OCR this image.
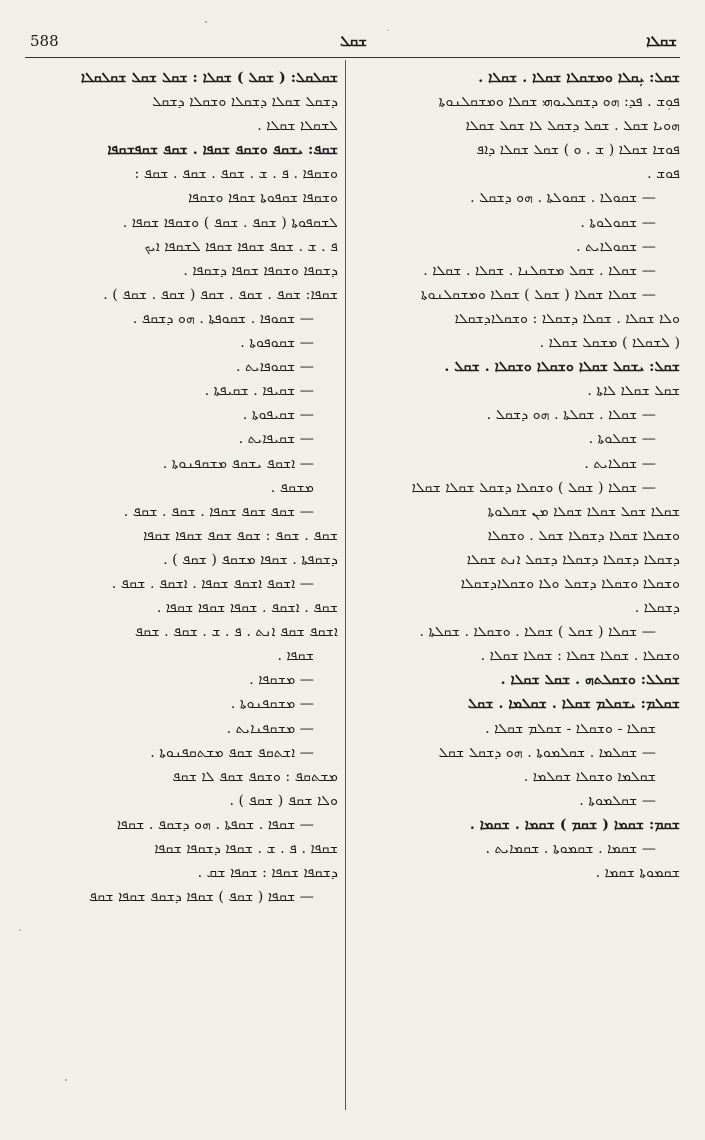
588	ܫܩܠ	ܫܩܠܐ
ܫܩܠ: ܝܼܩܠܐ ܘܡܫܩܠܐ ܫܩܠܐ . ܫܩܠܐ .
ܦܘܼܫ . ܦܕ: ܗܘ ܕܫܩܠܝܘܗܝ ܫܩܠܐ ܘܡܫܩܠܢܘܬܐ
ܗܘܝܐ ܫܩܠ . ܫܩܠ ܕܫܩܠ ܠܐ ܫܩܠ ܫܩܠܐ
ܦܘܫܐ ܫܩܠܐ ( ܫ . ܘ ) ܫܩܠ ܫܩܠܐ ܕܐܦ
ܦܘܫ .
— ܫܩܘܠܐ . ܫܩܘܠܬܐ . ܗܘ ܕܫܩܠ .
— ܫܩܘܠܘܬܐ .
— ܫܩܘܠܐܝܬ .
— ܫܩܠܐ . ܫܩܠ ܡܫܩܠܢܐ . ܫܩܠܐ . ܫܩܠܐ .
— ܫܩܠܐ ܫܩܠܐ ( ܫܩܠ ) ܫܩܠܐ ܘܡܫܩܠܢܘܬܐ
ܘܠܐ ܫܩܠܐ . ܫܩܠܐ ܕܫܩܠܐ : ܘܫܩܠܐܕܫܩܠܐ
( ܠܫܩܠܐ ) ܡܫܩܠ ܫܩܠܐ .
ܫܩܠ: ܝܫܩܠ ܫܩܠܐ ܘܫܩܠܐ ܘܫܩܠܐ . ܫܩܠ .
ܫܩܠ ܫܩܠܐ ܠܐܬܐ .
— ܫܩܠܐ . ܫܩܠܬܐ . ܗܘ ܕܫܩܠ .
— ܫܩܠܘܬܐ .
— ܫܩܠܐܝܬ .
— ܫܩܠܐ ( ܫܩܠ ) ܘܫܩܠܐ ܕܫܩܠ ܫܩܠܐ ܫܩܠܐ
ܫܩܠܐ ܫܩܠ ܫܩܠܐ ܫܩܠܐ ܡܢ ܫܩܠܘܬܐ
ܘܫܩܠܐ ܫܩܠܐ ܕܫܩܠܐ ܫܩܠ . ܘܫܩܠܐ
ܕܫܩܠܐ ܕܫܩܠܐ ܕܫܩܠܐ ܕܫܩܠ ܐܢܬ ܫܩܠܐ
ܘܫܩܠܐ ܘܫܩܠܐ ܕܫܩܠ ܘܠܐ ܘܫܩܠܐܕܫܩܠܐ
ܕܫܩܠܐ .
— ܫܩܠܐ ( ܫܩܠ ) ܫܩܠܐ . ܘܫܩܠܐ . ܫܩܠܬܐ .
ܘܫܩܠܐ . ܫܩܠܐ ܫܩܠܐ : ܫܩܠܐ ܫܩܠܐ .
ܫܩܠܠ: ܘܫܩܠܬܗ . ܫܩܠ ܫܩܠܐ .
ܫܩܠܡ: ܝܫܩܠܡ ܫܩܠܐ . ܫܩܠܡܐ . ܫܩܠ
ܫܩܠܐ - ܘܫܩܠܐ - ܫܩܠܡ ܫܩܠܐ .
— ܫܩܠܡܐ . ܫܩܠܡܘܬܐ . ܗܘ ܕܫܩܠ ܫܩܠ
ܫܩܠܡܐ ܘܫܩܠܐ ܫܩܠܡܐ .
— ܫܩܠܡܘܬܐ .
ܫܩܡ: ܫܩܡܐ ( ܫܩܡ ) ܫܩܡܐ . ܫܩܡܐ .
— ܫܩܡܐ . ܫܩܡܘܬܐ . ܫܩܡܐܝܬ .
ܫܩܡܘܬܐ ܫܩܡܐ .
ܫܩܠܩܠ: ( ܫܩܠ ) ܫܩܠܐ : ܫܩܠ ܫܩܠ ܫܩܠܩܠܐ
ܕܫܩܠ ܫܩܠܐ ܕܫܩܠܐ ܘܫܩܠܐ ܕܫܩܠ
ܠܫܩܠܐ ܫܩܠܐ .
ܫܩܦ: ܝܫܩܦ ܘܫܩܦ ܫܩܦܐ . ܫܩܦ ܫܩܦܫܩܦܐ
ܘܫܩܦܐ . ܦ . ܫ . ܫܩܦ . ܫܩܦ . ܫܩܦ :
ܘܫܩܦܐ ܫܩܦܘܬܐ ܫܩܦܐ ܘܫܩܦܐ
ܠܫܩܦܘܬܐ ( ܫܩܦ . ܫܩܦ ) ܘܫܩܦܐ ܫܩܦܐ .
ܦ . ܫ . ܫܩܦ ܫܩܦܐ ܫܩܦܐ ܠܫܩܦܐ ܐܝܟ
ܕܫܩܦܐ ܘܫܩܦܐ ܫܩܦܐ ܕܫܩܦܐ .
ܫܩܦܐ: ܫܩܦ . ܫܩܦ . ܫܩܦ ( ܫܩܦ . ܫܩܦ ) .
— ܫܩܘܦܐ . ܫܩܘܦܬܐ . ܗܘ ܕܫܩܦ .
— ܫܩܘܦܘܬܐ .
— ܫܩܘܦܐܝܬ .
— ܫܩܝܦܐ . ܫܩܝܦܬܐ .
— ܫܩܝܦܘܬܐ .
— ܫܩܝܦܐܝܬ .
— ܐܫܩܦ ܝܫܩܦ ܡܫܩܦܢܘܬܐ .
ܡܫܩܦ .
— ܫܩܦ ܫܩܦ ܫܩܦܐ . ܫܩܦ . ܫܩܦ .
ܫܩܦ . ܫܩܦ : ܫܩܦ ܫܩܦ ܫܩܦܐ ܫܩܦܐ
ܕܫܩܦܬܐ . ܫܩܦܐ ܡܫܩܦ ( ܫܩܦ ) .
— ܐܫܩܦ ܐܫܩܦ ܫܩܦܐ . ܐܫܩܦ . ܫܩܦ .
ܫܩܦ . ܐܫܩܦ . ܫܩܦܐ ܫܩܦܐ ܫܩܦܐ .
ܐܫܩܦ ܫܩܦ ܐܢܬ . ܦ . ܫ . ܫܩܦ . ܫܩܦ
ܫܩܦܐ .
— ܡܫܩܦܐ .
— ܡܫܩܦܢܘܬܐ .
— ܡܫܩܦܢܐܝܬ .
— ܐܫܬܩܦ ܫܩܦ ܡܫܬܩܦܢܘܬܐ .
ܡܫܬܩܦ : ܘܫܩܦ ܫܩܦ ܠܐ ܫܩܦ
ܘܠܐ ܫܩܦ ( ܫܩܦ ) .
— ܫܩܦܐ . ܫܩܦܬܐ . ܗܘ ܕܫܩܦ . ܫܩܦܐ
ܫܩܦܐ . ܦ . ܫ . ܫܩܦܐ ܕܫܩܦܐ ܫܩܦܐ
ܕܫܩܦܐ ܫܩܦܐ : ܫܩܦܐ ܫܩ .
— ܫܩܦܐ ( ܫܩܦ ) ܫܩܦܐ ܕܫܩܦ ܫܩܦܐ ܫܩܦ
